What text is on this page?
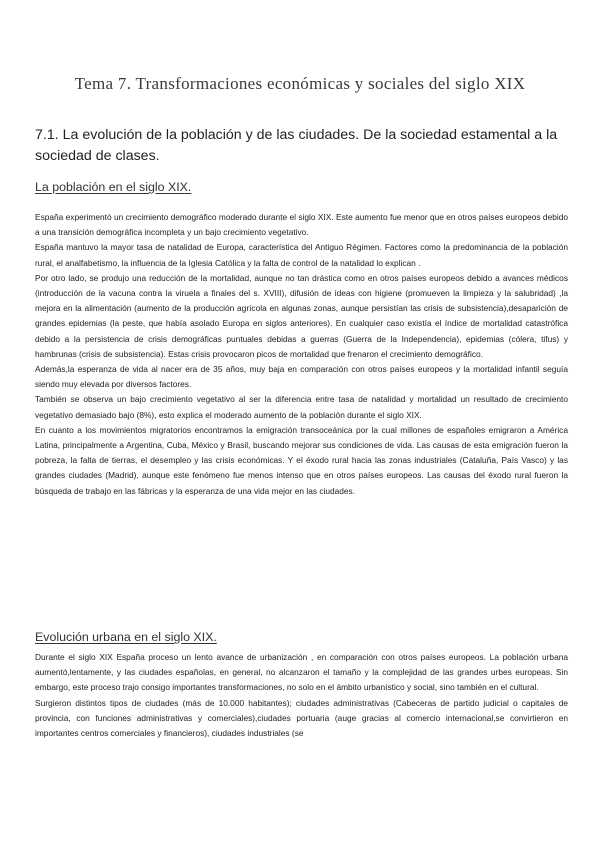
Tema 7. Transformaciones económicas y sociales del siglo XIX
7.1. La evolución de la población y de las ciudades. De la sociedad estamental a la sociedad de clases.
La población en el siglo XIX.

España experimentó un crecimiento demográfico moderado durante el siglo XIX. Este aumento fue menor que en otros países europeos debido a una transición demográfica incompleta y un bajo crecimiento vegetativo.

España mantuvo la mayor tasa de natalidad de Europa, característica del Antiguo Régimen. Factores como la predominancia de la población rural, el analfabetismo, la influencia de la Iglesia Católica y la falta de control de la natalidad lo explican .

Por otro lado, se produjo una reducción de la mortalidad, aunque no tan drástica como en otros países europeos debido a avances médicos (introducción de la vacuna contra la viruela a finales del s. XVIII), difusión de ideas con higiene (promueven la limpieza y la salubridad) ,la mejora en la alimentación (aumento de la producción agrícola en algunas zonas, aunque persistían las crisis de subsistencia),desaparición de grandes epidemias (la peste, que había asolado Europa en siglos anteriores). En cualquier caso existía el índice de mortalidad catastrófica debido a la persistencia de crisis demográficas puntuales debidas a guerras (Guerra de la Independencia), epidemias (cólera, tifus) y hambrunas (crisis de subsistencia). Estas crisis provocaron picos de mortalidad que frenaron el crecimiento demográfico.

Además,la esperanza de vida al nacer era de 35 años, muy baja en comparación con otros países europeos y la mortalidad infantil seguía siendo muy elevada por diversos factores.

También se observa un bajo crecimiento vegetativo al ser la diferencia entre tasa de natalidad y mortalidad un resultado de crecimiento vegetativo demasiado bajo (8%), esto explica el moderado aumento de la población durante el siglo XIX.

En cuanto a los movimientos migratorios encontramos la emigración transoceánica por la cual millones de españoles emigraron a América Latina, principalmente a Argentina, Cuba, México y Brasil, buscando mejorar sus condiciones de vida. Las causas de esta emigración fueron la pobreza, la falta de tierras, el desempleo y las crisis económicas. Y el éxodo rural hacia las zonas industriales (Cataluña, País Vasco) y las grandes ciudades (Madrid), aunque este fenómeno fue menos intenso que en otros países europeos. Las causas del éxodo rural fueron la búsqueda de trabajo en las fábricas y la esperanza de una vida mejor en las ciudades.

Evolución urbana en el siglo XIX.

Durante el siglo XIX España proceso un lento avance de urbanización , en comparación con otros países europeos. La población urbana aumentó,lentamente, y las ciudades españolas, en general, no alcanzaron el tamaño y la complejidad de las grandes urbes europeas. Sin embargo, este proceso trajo consigo importantes transformaciones, no solo en el ámbito urbanístico y social, sino también en el cultural.

Surgieron distintos tipos de ciudades (más de 10.000 habitantes); ciudades administrativas (Cabeceras de partido judicial o capitales de provincia, con funciones administrativas y comerciales),ciudades portuaria (auge gracias al comercio internacional,se convirtieron en importantes centros comerciales y financieros), ciudades industriales (se
